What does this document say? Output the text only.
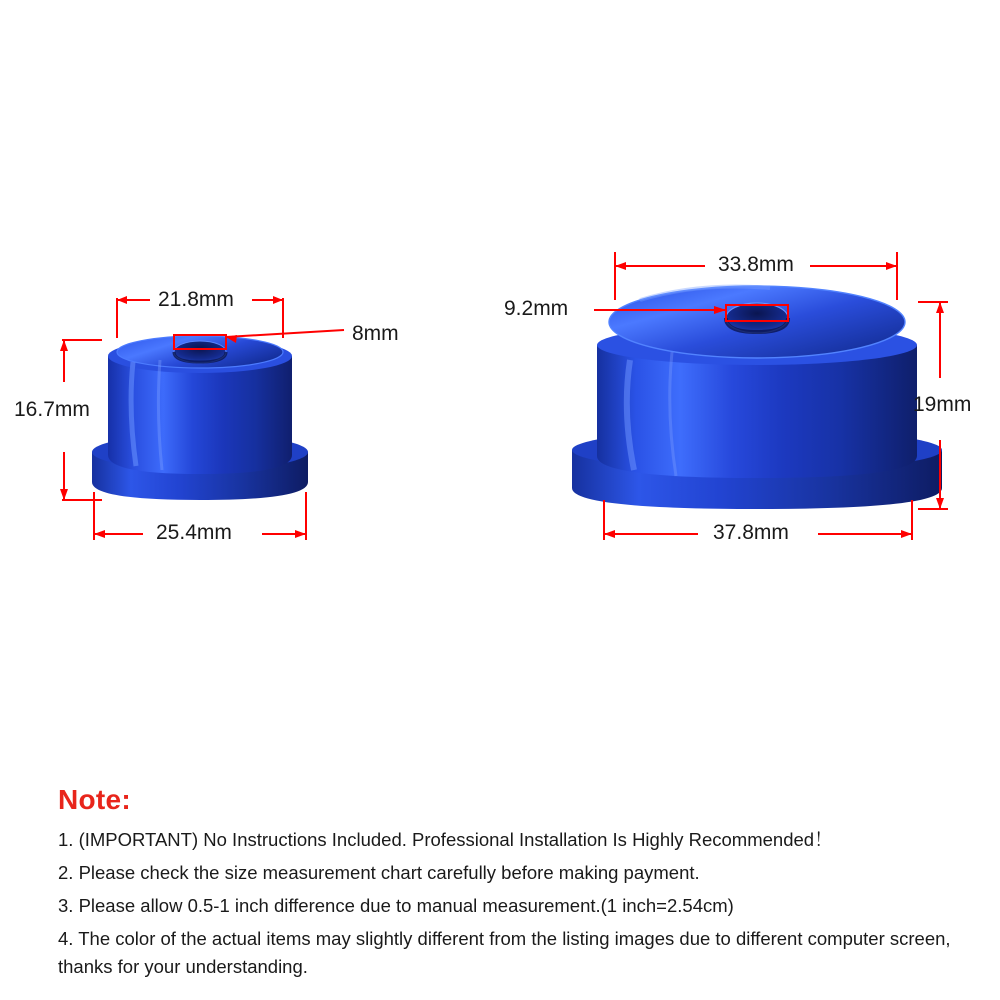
21.8mm
8mm
16.7mm
25.4mm
33.8mm
9.2mm
19mm
37.8mm
Note:

1. (IMPORTANT) No Instructions Included. Professional Installation Is Highly Recommended！

2. Please check the size measurement chart carefully before making payment.

3. Please allow 0.5-1 inch difference due to manual measurement.(1 inch=2.54cm)

4. The color of the actual items may slightly different from the listing images due to different computer screen, thanks for your understanding.
